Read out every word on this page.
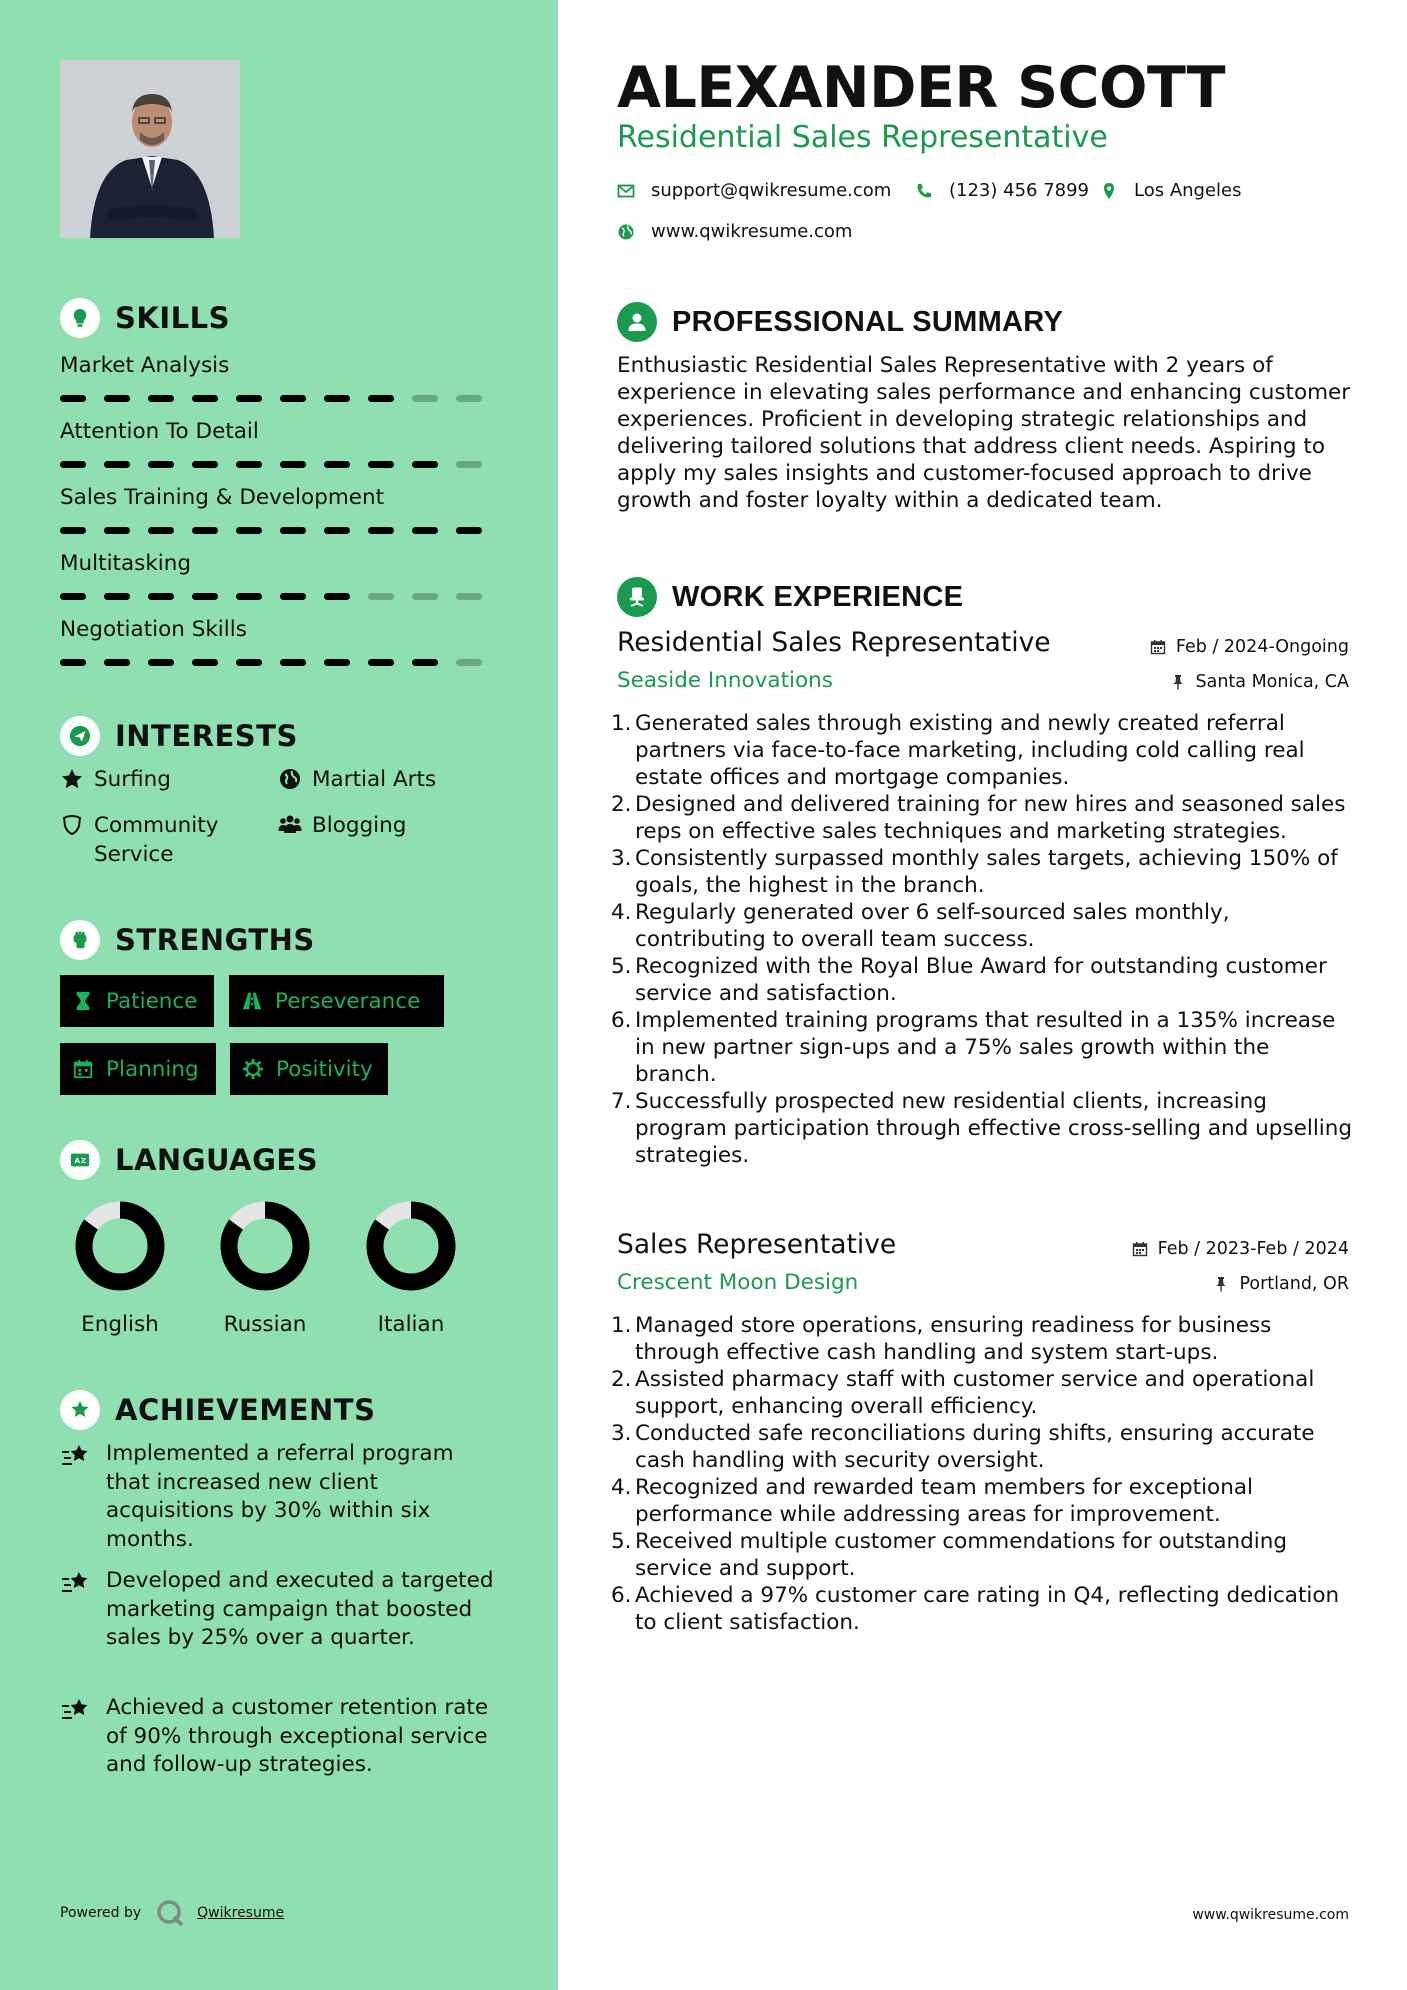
SKILLS
Market Analysis
Attention To Detail
Sales Training & Development
Multitasking
Negotiation Skills
INTERESTS
Surfing	Martial Arts
Community Service
Blogging
STRENGTHS
Patience	Perseverance
Planning	Positivity
A Z LANGUAGES
English	Russian	Italian
ACHIEVEMENTS
Implemented a referral program that increased new client acquisitions by 30% within six months.
Developed and executed a targeted marketing campaign that boosted sales by 25% over a quarter.
Achieved a customer retention rate of 90% through exceptional service and follow-up strategies.
Powered by	Qwikresume
ALEXANDER SCOTT
Residential Sales Representative
support@qwikresume.com	(123) 456 7899 Los Angeles
www.qwikresume.com
PROFESSIONAL SUMMARY
Enthusiastic Residential Sales Representative with 2 years of experience in elevating sales performance and enhancing customer experiences. Proficient in developing strategic relationships and delivering tailored solutions that address client needs. Aspiring to apply my sales insights and customer-focused approach to drive growth and foster loyalty within a dedicated team.
WORK EXPERIENCE
Residential Sales Representative	Feb / 2024-Ongoing
Seaside Innovations	Santa Monica, CA
1. Generated sales through existing and newly created referral partners via face-to-face marketing, including cold calling real estate offices and mortgage companies.
2. Designed and delivered training for new hires and seasoned sales reps on effective sales techniques and marketing strategies.
3. Consistently surpassed monthly sales targets, achieving 150% of goals, the highest in the branch.
4. Regularly generated over 6 self-sourced sales monthly, contributing to overall team success.
5. Recognized with the Royal Blue Award for outstanding customer service and satisfaction.
6. Implemented training programs that resulted in a 135% increase in new partner sign-ups and a 75% sales growth within the branch.
7. Successfully prospected new residential clients, increasing program participation through effective cross-selling and upselling strategies.
Sales Representative	Feb / 2023-Feb / 2024
Crescent Moon Design	Portland, OR
1. Managed store operations, ensuring readiness for business through effective cash handling and system start-ups.
2. Assisted pharmacy staff with customer service and operational support, enhancing overall efficiency.
3. Conducted safe reconciliations during shifts, ensuring accurate cash handling with security oversight.
4. Recognized and rewarded team members for exceptional performance while addressing areas for improvement.
5. Received multiple customer commendations for outstanding service and support.
6. Achieved a 97% customer care rating in Q4, reflecting dedication to client satisfaction.
www.qwikresume.com
